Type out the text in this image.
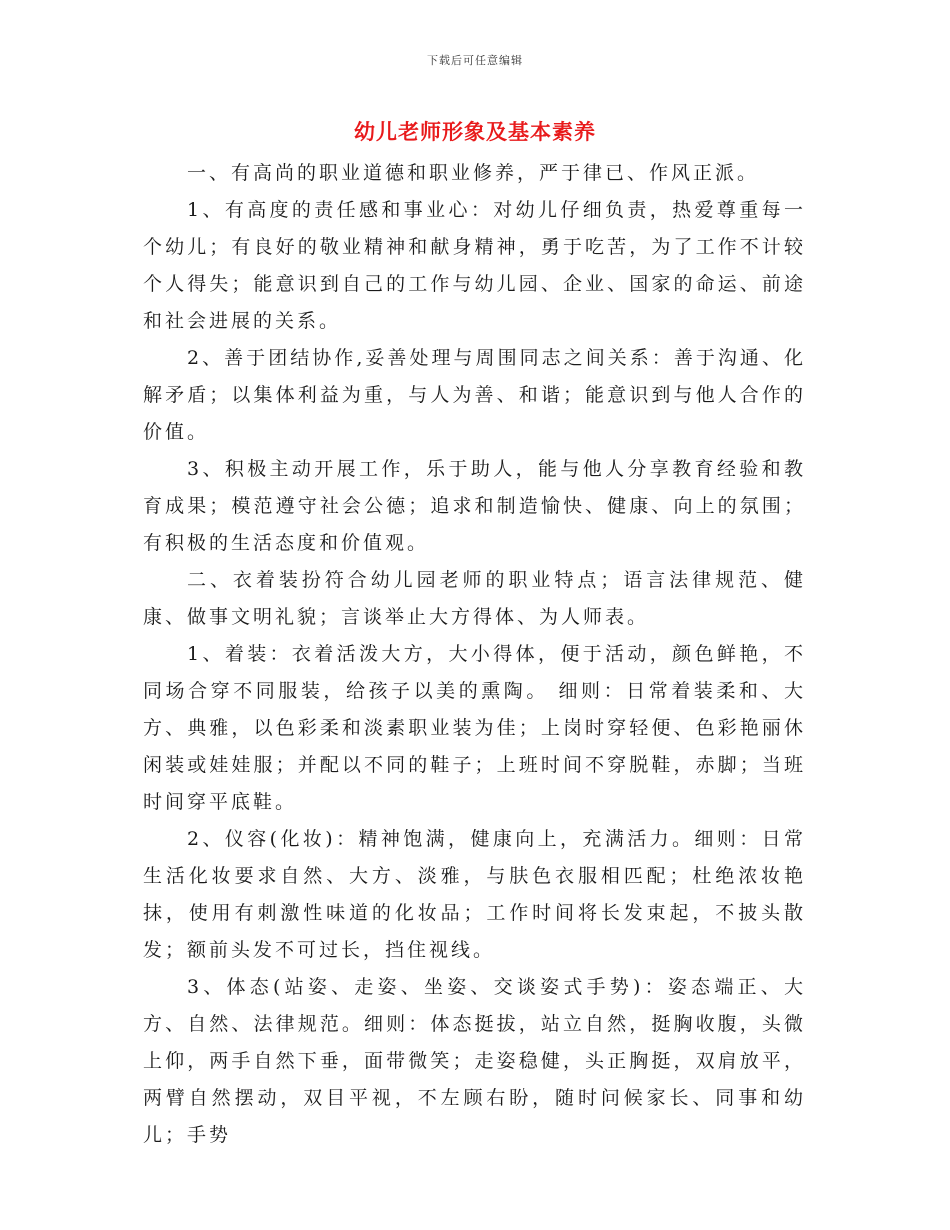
下载后可任意编辑
幼儿老师形象及基本素养

一、有高尚的职业道德和职业修养，严于律已、作风正派。

1、有高度的责任感和事业心：对幼儿仔细负责，热爱尊重每一个幼儿；有良好的敬业精神和献身精神，勇于吃苦，为了工作不计较个人得失；能意识到自己的工作与幼儿园、企业、国家的命运、前途和社会进展的关系。

2、善于团结协作,妥善处理与周围同志之间关系：善于沟通、化解矛盾；以集体利益为重，与人为善、和谐；能意识到与他人合作的价值。

3、积极主动开展工作，乐于助人，能与他人分享教育经验和教育成果；模范遵守社会公德；追求和制造愉快、健康、向上的氛围；有积极的生活态度和价值观。

二、衣着装扮符合幼儿园老师的职业特点；语言法律规范、健康、做事文明礼貌；言谈举止大方得体、为人师表。

1、着装：衣着活泼大方，大小得体，便于活动，颜色鲜艳，不同场合穿不同服装，给孩子以美的熏陶。 细则：日常着装柔和、大方、典雅，以色彩柔和淡素职业装为佳；上岗时穿轻便、色彩艳丽休闲装或娃娃服；并配以不同的鞋子；上班时间不穿脱鞋，赤脚；当班时间穿平底鞋。

2、仪容(化妆)：精神饱满，健康向上，充满活力。细则：日常生活化妆要求自然、大方、淡雅，与肤色衣服相匹配；杜绝浓妆艳抹，使用有刺激性味道的化妆品；工作时间将长发束起，不披头散发；额前头发不可过长，挡住视线。

3、体态(站姿、走姿、坐姿、交谈姿式手势)：姿态端正、大方、自然、法律规范。细则：体态挺拔，站立自然，挺胸收腹，头微上仰，两手自然下垂，面带微笑；走姿稳健，头正胸挺，双肩放平，两臂自然摆动，双目平视，不左顾右盼，随时问候家长、同事和幼儿；手势
